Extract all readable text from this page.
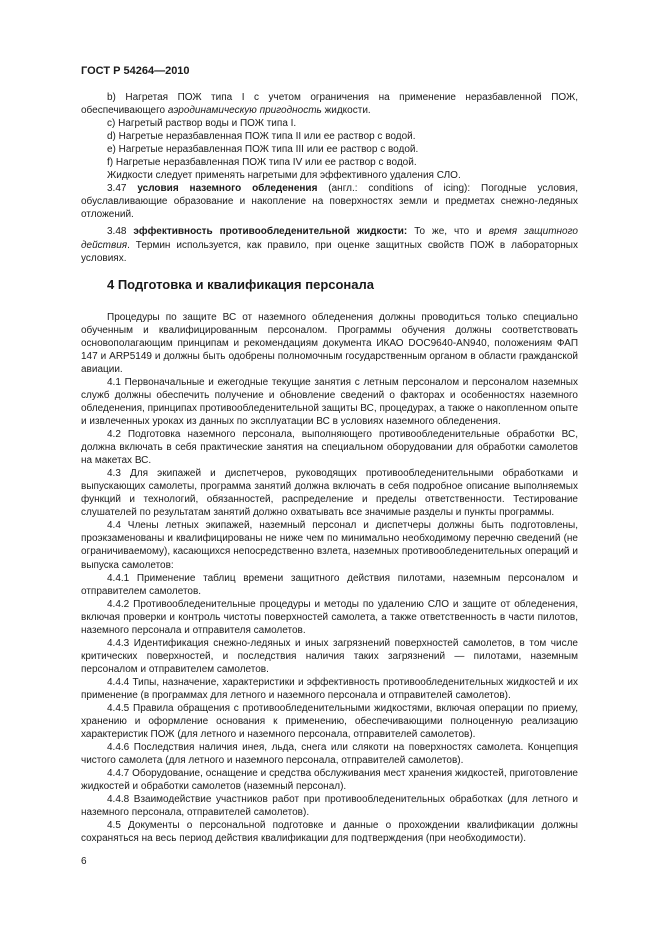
ГОСТ Р 54264—2010

b) Нагретая ПОЖ типа I с учетом ограничения на применение неразбавленной ПОЖ, обеспечивающего аэродинамическую пригодность жидкости.

c) Нагретый раствор воды и ПОЖ типа I.

d) Нагретые неразбавленная ПОЖ типа II или ее раствор с водой.

e) Нагретые неразбавленная ПОЖ типа III или ее раствор с водой.

f) Нагретые неразбавленная ПОЖ типа IV или ее раствор с водой.

Жидкости следует применять нагретыми для эффективного удаления СЛО.

3.47 условия наземного обледенения (англ.: conditions of icing): Погодные условия, обуславливающие образование и накопление на поверхностях земли и предметах снежно-ледяных отложений.

3.48 эффективность противообледенительной жидкости: То же, что и время защитного действия. Термин используется, как правило, при оценке защитных свойств ПОЖ в лабораторных условиях.

4 Подготовка и квалификация персонала

Процедуры по защите ВС от наземного обледенения должны проводиться только специально обученным и квалифицированным персоналом. Программы обучения должны соответствовать основополагающим принципам и рекомендациям документа ИКАО DOC9640-AN940, положениям ФАП 147 и ARP5149 и должны быть одобрены полномочным государственным органом в области гражданской авиации.

4.1 Первоначальные и ежегодные текущие занятия с летным персоналом и персоналом наземных служб должны обеспечить получение и обновление сведений о факторах и особенностях наземного обледенения, принципах противообледенительной защиты ВС, процедурах, а также о накопленном опыте и извлеченных уроках из данных по эксплуатации ВС в условиях наземного обледенения.

4.2 Подготовка наземного персонала, выполняющего противообледенительные обработки ВС, должна включать в себя практические занятия на специальном оборудовании для обработки самолетов на макетах ВС.

4.3 Для экипажей и диспетчеров, руководящих противообледенительными обработками и выпускающих самолеты, программа занятий должна включать в себя подробное описание выполняемых функций и технологий, обязанностей, распределение и пределы ответственности. Тестирование слушателей по результатам занятий должно охватывать все значимые разделы и пункты программы.

4.4 Члены летных экипажей, наземный персонал и диспетчеры должны быть подготовлены, проэкзаменованы и квалифицированы не ниже чем по минимально необходимому перечню сведений (не ограничиваемому), касающихся непосредственно взлета, наземных противообледенительных операций и выпуска самолетов:

4.4.1 Применение таблиц времени защитного действия пилотами, наземным персоналом и отправителем самолетов.

4.4.2 Противообледенительные процедуры и методы по удалению СЛО и защите от обледенения, включая проверки и контроль чистоты поверхностей самолета, а также ответственность в части пилотов, наземного персонала и отправителя самолетов.

4.4.3 Идентификация снежно-ледяных и иных загрязнений поверхностей самолетов, в том числе критических поверхностей, и последствия наличия таких загрязнений — пилотами, наземным персоналом и отправителем самолетов.

4.4.4 Типы, назначение, характеристики и эффективность противообледенительных жидкостей и их применение (в программах для летного и наземного персонала и отправителей самолетов).

4.4.5 Правила обращения с противообледенительными жидкостями, включая операции по приему, хранению и оформление основания к применению, обеспечивающими полноценную реализацию характеристик ПОЖ (для летного и наземного персонала, отправителей самолетов).

4.4.6 Последствия наличия инея, льда, снега или слякоти на поверхностях самолета. Концепция чистого самолета (для летного и наземного персонала, отправителей самолетов).

4.4.7 Оборудование, оснащение и средства обслуживания мест хранения жидкостей, приготовление жидкостей и обработки самолетов (наземный персонал).

4.4.8 Взаимодействие участников работ при противообледенительных обработках (для летного и наземного персонала, отправителей самолетов).

4.5 Документы о персональной подготовке и данные о прохождении квалификации должны сохраняться на весь период действия квалификации для подтверждения (при необходимости).

6
